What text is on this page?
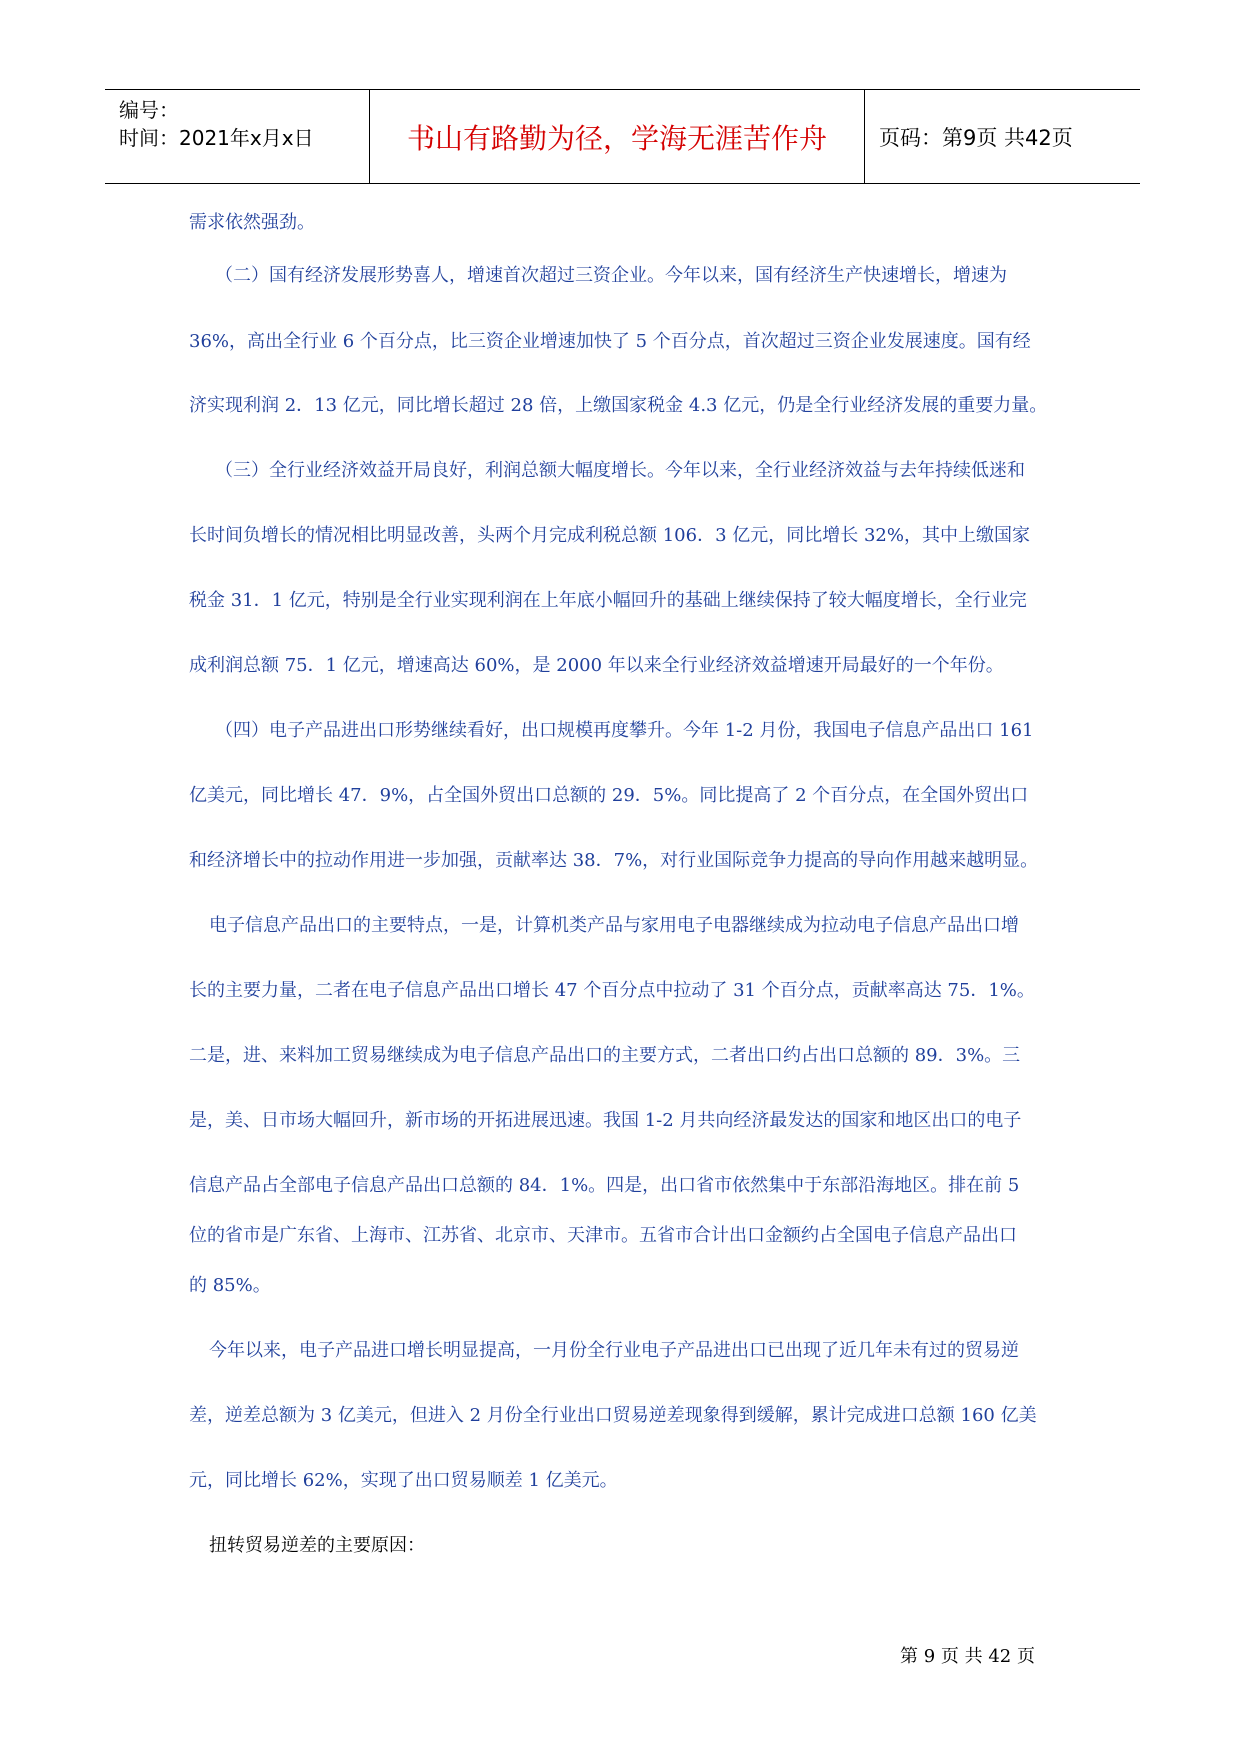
编号：
时间：2021年x月x日	书山有路勤为径，学海无涯苦作舟 页码：第9页 共42页
需求依然强劲。
（二）国有经济发展形势喜人，增速首次超过三资企业。今年以来，国有经济生产快速增长，增速为
36%，高出全行业 6 个百分点，比三资企业增速加快了 5 个百分点，首次超过三资企业发展速度。国有经
济实现利润 2．13 亿元，同比增长超过 28 倍，上缴国家税金 4.3 亿元，仍是全行业经济发展的重要力量。
（三）全行业经济效益开局良好，利润总额大幅度增长。今年以来，全行业经济效益与去年持续低迷和
长时间负增长的情况相比明显改善，头两个月完成利税总额 106．3 亿元，同比增长 32%，其中上缴国家
税金 31．1 亿元，特别是全行业实现利润在上年底小幅回升的基础上继续保持了较大幅度增长，全行业完
成利润总额 75．1 亿元，增速高达 60%，是 2000 年以来全行业经济效益增速开局最好的一个年份。
（四）电子产品进出口形势继续看好，出口规模再度攀升。今年 1-2 月份，我国电子信息产品出口 161
亿美元，同比增长 47．9%，占全国外贸出口总额的 29．5%。同比提高了 2 个百分点，在全国外贸出口
和经济增长中的拉动作用进一步加强，贡献率达 38．7%，对行业国际竞争力提高的导向作用越来越明显。
电子信息产品出口的主要特点，一是，计算机类产品与家用电子电器继续成为拉动电子信息产品出口增
长的主要力量，二者在电子信息产品出口增长 47 个百分点中拉动了 31 个百分点，贡献率高达 75．1%。
二是，进、来料加工贸易继续成为电子信息产品出口的主要方式，二者出口约占出口总额的 89．3%。三
是，美、日市场大幅回升，新市场的开拓进展迅速。我国 1-2 月共向经济最发达的国家和地区出口的电子
信息产品占全部电子信息产品出口总额的 84．1%。四是，出口省市依然集中于东部沿海地区。排在前 5
位的省市是广东省、上海市、江苏省、北京市、天津市。五省市合计出口金额约占全国电子信息产品出口
的 85%。
今年以来，电子产品进口增长明显提高，一月份全行业电子产品进出口已出现了近几年未有过的贸易逆
差，逆差总额为 3 亿美元，但进入 2 月份全行业出口贸易逆差现象得到缓解，累计完成进口总额 160 亿美
元，同比增长 62%，实现了出口贸易顺差 1 亿美元。
扭转贸易逆差的主要原因：
第 9 页 共 42 页
